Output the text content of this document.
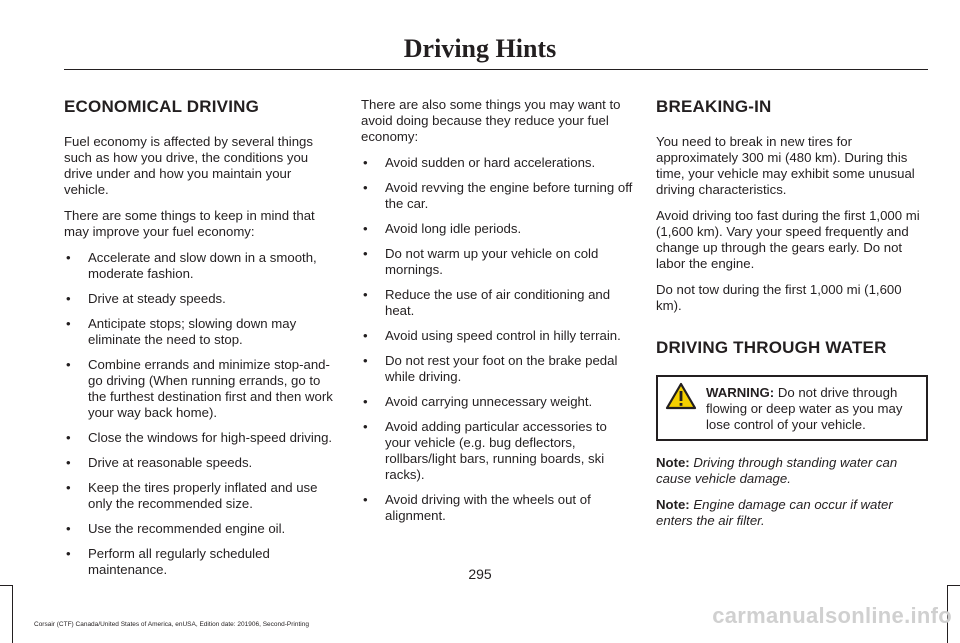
Driving Hints
ECONOMICAL DRIVING

Fuel economy is affected by several things such as how you drive, the conditions you drive under and how you maintain your vehicle.

There are some things to keep in mind that may improve your fuel economy:

• Accelerate and slow down in a smooth, moderate fashion.
• Drive at steady speeds.
• Anticipate stops; slowing down may eliminate the need to stop.
• Combine errands and minimize stop-and-go driving (When running errands, go to the furthest destination first and then work your way back home).
• Close the windows for high-speed driving.
• Drive at reasonable speeds.
• Keep the tires properly inflated and use only the recommended size.
• Use the recommended engine oil.
• Perform all regularly scheduled maintenance.

There are also some things you may want to avoid doing because they reduce your fuel economy:

• Avoid sudden or hard accelerations.
• Avoid revving the engine before turning off the car.
• Avoid long idle periods.
• Do not warm up your vehicle on cold mornings.
• Reduce the use of air conditioning and heat.
• Avoid using speed control in hilly terrain.
• Do not rest your foot on the brake pedal while driving.
• Avoid carrying unnecessary weight.
• Avoid adding particular accessories to your vehicle (e.g. bug deflectors, rollbars/light bars, running boards, ski racks).
• Avoid driving with the wheels out of alignment.
BREAKING-IN

You need to break in new tires for approximately 300 mi (480 km). During this time, your vehicle may exhibit some unusual driving characteristics.

Avoid driving too fast during the first 1,000 mi (1,600 km). Vary your speed frequently and change up through the gears early. Do not labor the engine.

Do not tow during the first 1,000 mi (1,600 km).

DRIVING THROUGH WATER
WARNING: Do not drive through flowing or deep water as you may lose control of your vehicle.

Note: Driving through standing water can cause vehicle damage.

Note: Engine damage can occur if water enters the air filter.

295
Corsair (CTF) Canada/United States of America, enUSA, Edition date: 201906, Second-Printing	carmanualsonline.info
